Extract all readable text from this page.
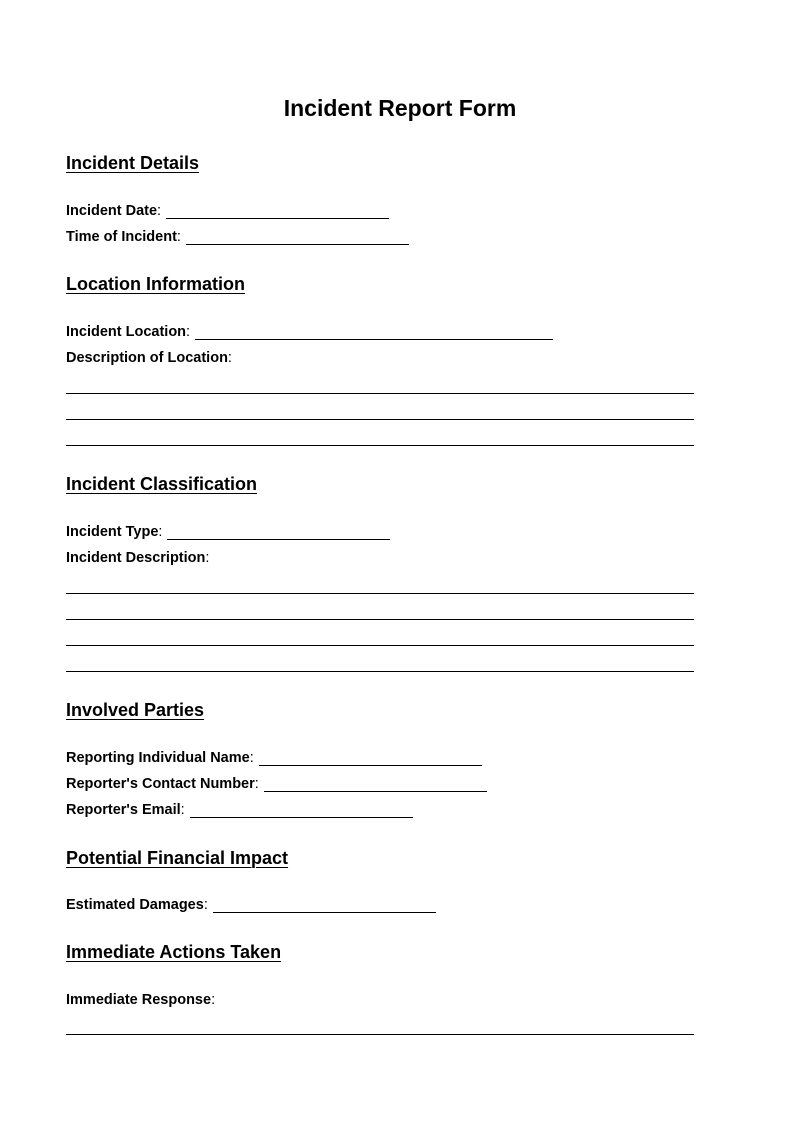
Incident Report Form
Incident Details
Incident Date :
Time of Incident :
Location Information
Incident Location :
Description of Location :
Incident Classification
Incident Type :
Incident Description :
Involved Parties
Reporting Individual Name :
Reporter's Contact Number :
Reporter's Email :
Potential Financial Impact
Estimated Damages :
Immediate Actions Taken
Immediate Response :
